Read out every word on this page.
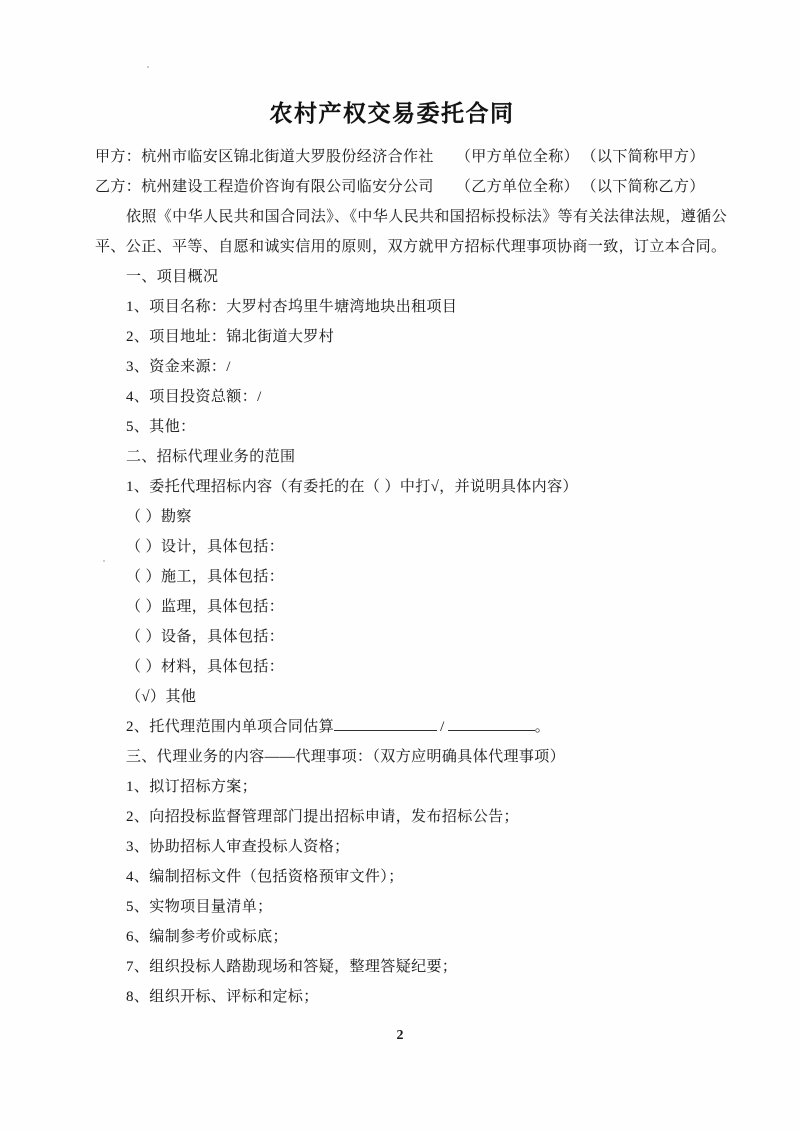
农村产权交易委托合同
甲方：杭州市临安区锦北街道大罗股份经济合作社 （甲方单位全称） （以下简称甲方）
乙方：杭州建设工程造价咨询有限公司临安分公司 （乙方单位全称） （以下简称乙方）
依照《中华人民共和国合同法》、《中华人民共和国招标投标法》等有关法律法规，遵循公
平、公正、平等、自愿和诚实信用的原则，双方就甲方招标代理事项协商一致，订立本合同。
一、项目概况
1、项目名称：大罗村杏坞里牛塘湾地块出租项目
2、项目地址：锦北街道大罗村
3、资金来源：/
4、项目投资总额：/
5、其他：
二、招标代理业务的范围
1、委托代理招标内容（有委托的在（ ）中打√，并说明具体内容）
（ ）勘察
（ ）设计，具体包括：
（ ）施工，具体包括：
（ ）监理，具体包括：
（ ）设备，具体包括：
（ ）材料，具体包括：
（√）其他
2、托代理范围内单项合同估算	/	。
三、代理业务的内容——代理事项：（双方应明确具体代理事项）
1、拟订招标方案；
2、向招投标监督管理部门提出招标申请，发布招标公告；
3、协助招标人审查投标人资格；
4、编制招标文件（包括资格预审文件）；
5、实物项目量清单；
6、编制参考价或标底；
7、组织投标人踏勘现场和答疑，整理答疑纪要；
8、组织开标、评标和定标；
2
